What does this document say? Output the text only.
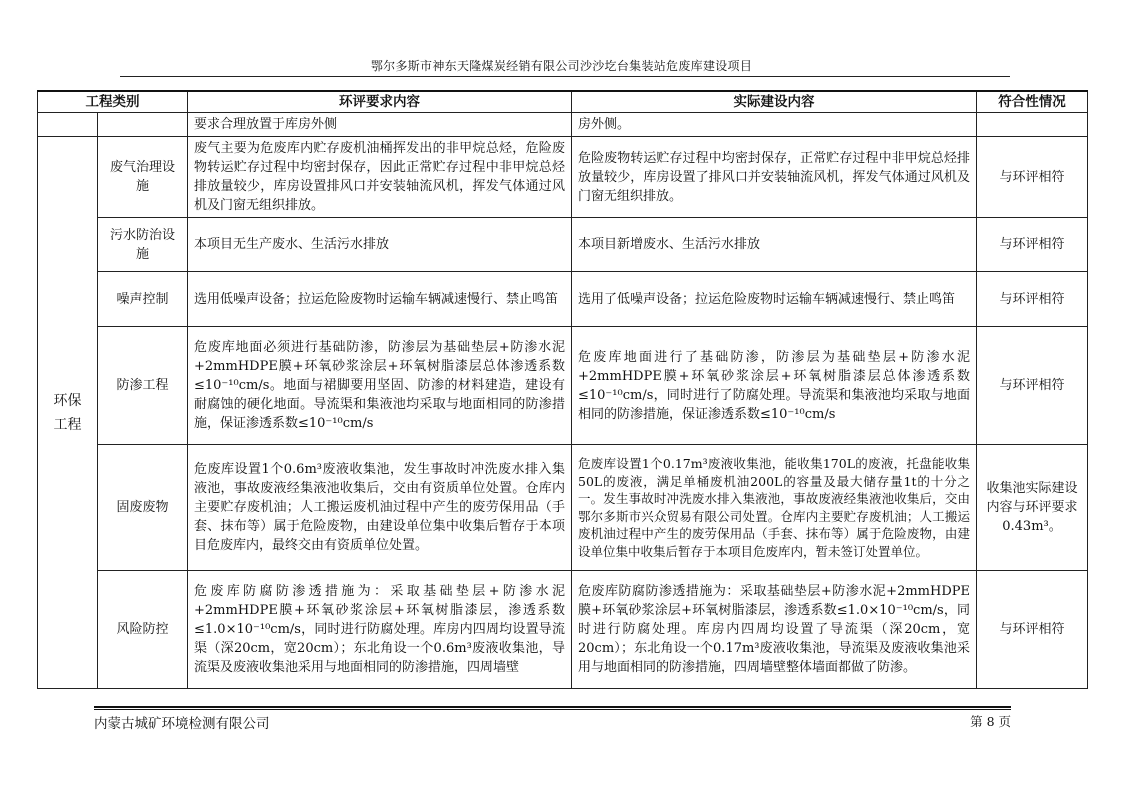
鄂尔多斯市神东天隆煤炭经销有限公司沙沙圪台集装站危废库建设项目
工程类别		环评要求内容	实际建设内容	符合性情况
		要求合理放置于库房外侧	房外侧。	
环保
工程	废气治理设施	废气主要为危废库内贮存废机油桶挥发出的非甲烷总烃，危险废物转运贮存过程中均密封保存，因此正常贮存过程中非甲烷总烃排放量较少，库房设置排风口并安装轴流风机，挥发气体通过风机及门窗无组织排放。	危险废物转运贮存过程中均密封保存，正常贮存过程中非甲烷总烃排放量较少，库房设置了排风口并安装轴流风机，挥发气体通过风机及门窗无组织排放。	与环评相符
	污水防治设施	本项目无生产废水、生活污水排放	本项目新增废水、生活污水排放	与环评相符
	噪声控制	选用低噪声设备；拉运危险废物时运输车辆减速慢行、禁止鸣笛	选用了低噪声设备；拉运危险废物时运输车辆减速慢行、禁止鸣笛	与环评相符
	防渗工程	危废库地面必须进行基础防渗，防渗层为基础垫层+防渗水泥+2mmHDPE膜+环氧砂浆涂层+环氧树脂漆层总体渗透系数≤10⁻¹⁰cm/s。地面与裙脚要用坚固、防渗的材料建造，建设有耐腐蚀的硬化地面。导流渠和集液池均采取与地面相同的防渗措施，保证渗透系数≤10⁻¹⁰cm/s	危废库地面进行了基础防渗，防渗层为基础垫层+防渗水泥+2mmHDPE膜+环氧砂浆涂层+环氧树脂漆层总体渗透系数≤10⁻¹⁰cm/s，同时进行了防腐处理。导流渠和集液池均采取与地面相同的防渗措施，保证渗透系数≤10⁻¹⁰cm/s	与环评相符
	固废废物	危废库设置1个0.6m³废液收集池，发生事故时冲洗废水排入集液池，事故废液经集液池收集后，交由有资质单位处置。仓库内主要贮存废机油；人工搬运废机油过程中产生的废劳保用品（手套、抹布等）属于危险废物，由建设单位集中收集后暂存于本项目危废库内，最终交由有资质单位处置。	危废库设置1个0.17m³废液收集池，能收集170L的废液，托盘能收集50L的废液，满足单桶废机油200L的容量及最大储存量1t的十分之一。发生事故时冲洗废水排入集液池，事故废液经集液池收集后，交由鄂尔多斯市兴众贸易有限公司处置。仓库内主要贮存废机油；人工搬运废机油过程中产生的废劳保用品（手套、抹布等）属于危险废物，由建设单位集中收集后暂存于本项目危废库内，暂未签订处置单位。	收集池实际建设内容与环评要求0.43m³。
	风险防控	危废库防腐防渗透措施为：采取基础垫层+防渗水泥+2mmHDPE膜+环氧砂浆涂层+环氧树脂漆层，渗透系数≤1.0×10⁻¹⁰cm/s，同时进行防腐处理。库房内四周均设置导流渠（深20cm，宽20cm）；东北角设一个0.6m³废液收集池，导流渠及废液收集池采用与地面相同的防渗措施，四周墙壁	危废库防腐防渗透措施为：采取基础垫层+防渗水泥+2mmHDPE膜+环氧砂浆涂层+环氧树脂漆层，渗透系数≤1.0×10⁻¹⁰cm/s，同时进行防腐处理。库房内四周均设置了导流渠（深20cm，宽20cm）；东北角设一个0.17m³废液收集池，导流渠及废液收集池采用与地面相同的防渗措施，四周墙壁整体墙面都做了防渗。	与环评相符
内蒙古城矿环境检测有限公司	第 8 页
